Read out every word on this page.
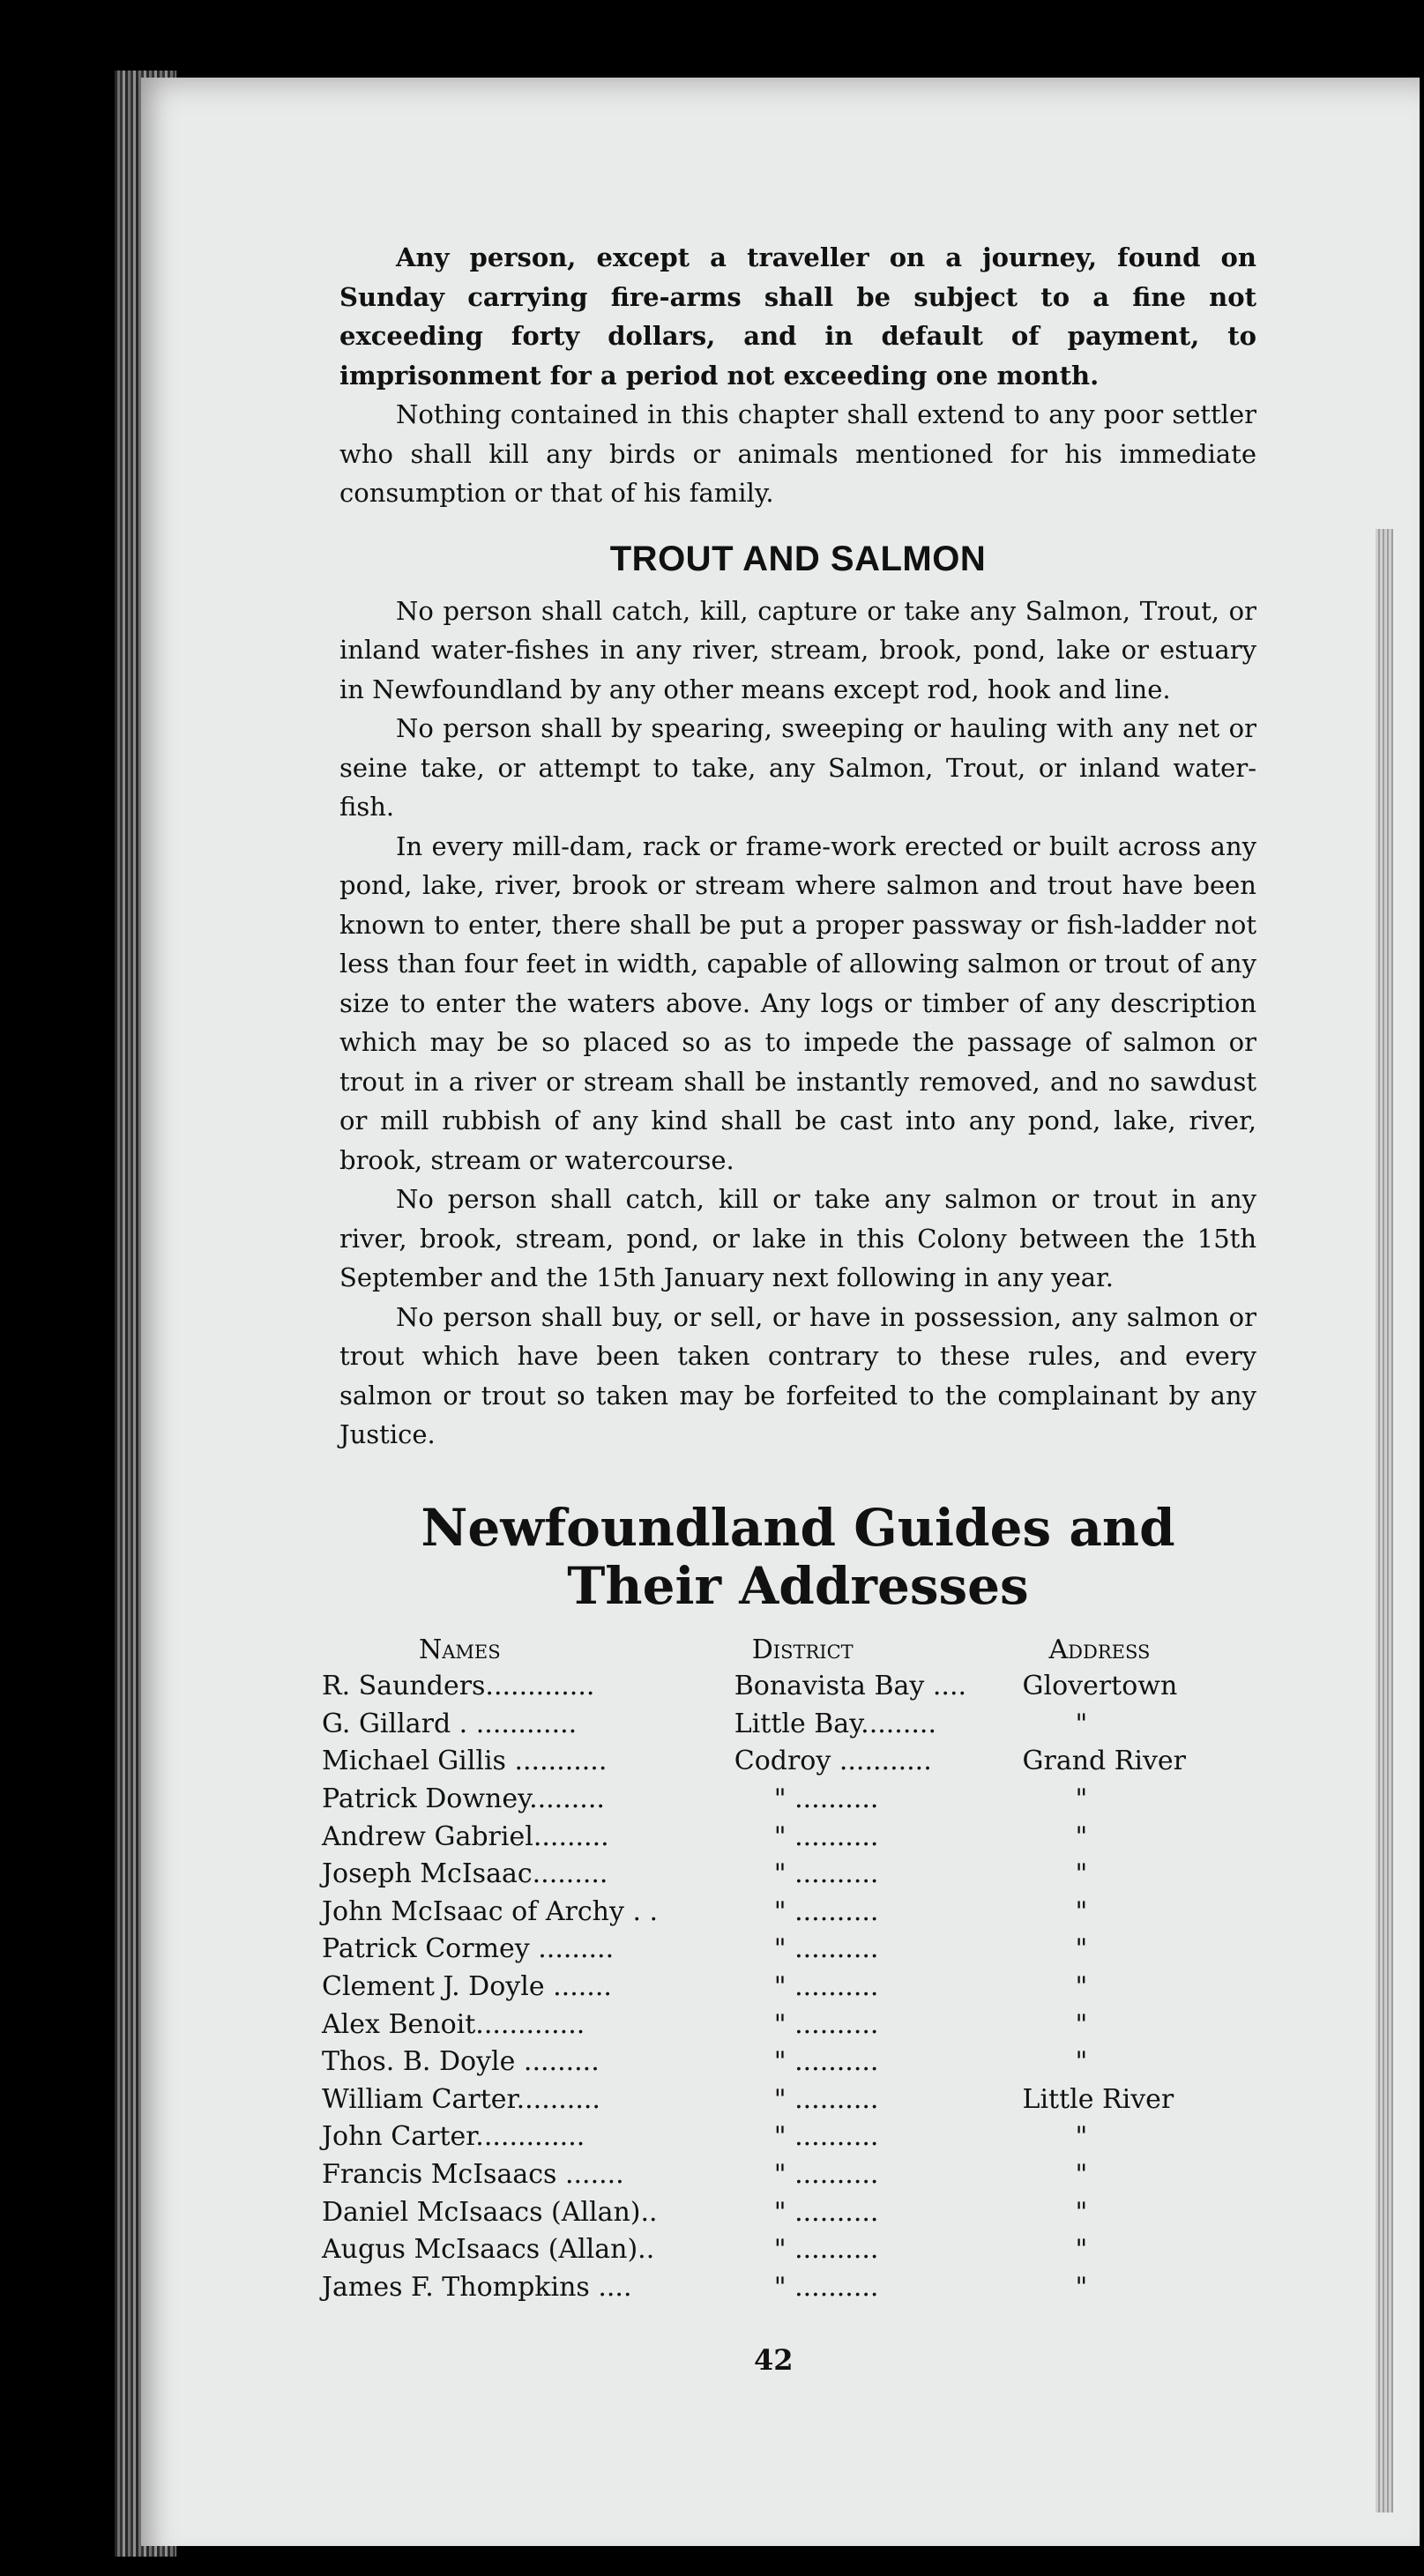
Any person, except a traveller on a journey, found on Sunday carrying fire-arms shall be subject to a fine not exceeding forty dollars, and in default of payment, to imprisonment for a period not exceeding one month.

Nothing contained in this chapter shall extend to any poor settler who shall kill any birds or animals mentioned for his immediate consumption or that of his family.

TROUT AND SALMON

No person shall catch, kill, capture or take any Salmon, Trout, or inland water-fishes in any river, stream, brook, pond, lake or estuary in Newfoundland by any other means except rod, hook and line.

No person shall by spearing, sweeping or hauling with any net or seine take, or attempt to take, any Salmon, Trout, or inland water-fish.

In every mill-dam, rack or frame-work erected or built across any pond, lake, river, brook or stream where salmon and trout have been known to enter, there shall be put a proper passway or fish-ladder not less than four feet in width, capable of allowing salmon or trout of any size to enter the waters above. Any logs or timber of any description which may be so placed so as to impede the passage of salmon or trout in a river or stream shall be instantly removed, and no sawdust or mill rubbish of any kind shall be cast into any pond, lake, river, brook, stream or watercourse.

No person shall catch, kill or take any salmon or trout in any river, brook, stream, pond, or lake in this Colony between the 15th September and the 15th January next following in any year.

No person shall buy, or sell, or have in possession, any salmon or trout which have been taken contrary to these rules, and every salmon or trout so taken may be forfeited to the complainant by any Justice.

Newfoundland Guides and
Their Addresses
Names	District	Address
R. Saunders.............	Bonavista Bay ....	Glovertown
G. Gillard . ............	Little Bay.........	"
Michael Gillis ...........	Codroy ...........	Grand River
Patrick Downey.........	" ..........	"
Andrew Gabriel.........	" ..........	"
Joseph McIsaac.........	" ..........	"
John McIsaac of Archy . .	" ..........	"
Patrick Cormey .........	" ..........	"
Clement J. Doyle .......	" ..........	"
Alex Benoit.............	" ..........	"
Thos. B. Doyle .........	" ..........	"
William Carter..........	" ..........	Little River
John Carter.............	" ..........	"
Francis McIsaacs .......	" ..........	"
Daniel McIsaacs (Allan)..	" ..........	"
Augus McIsaacs (Allan)..	" ..........	"
James F. Thompkins ....	" ..........	"
42
